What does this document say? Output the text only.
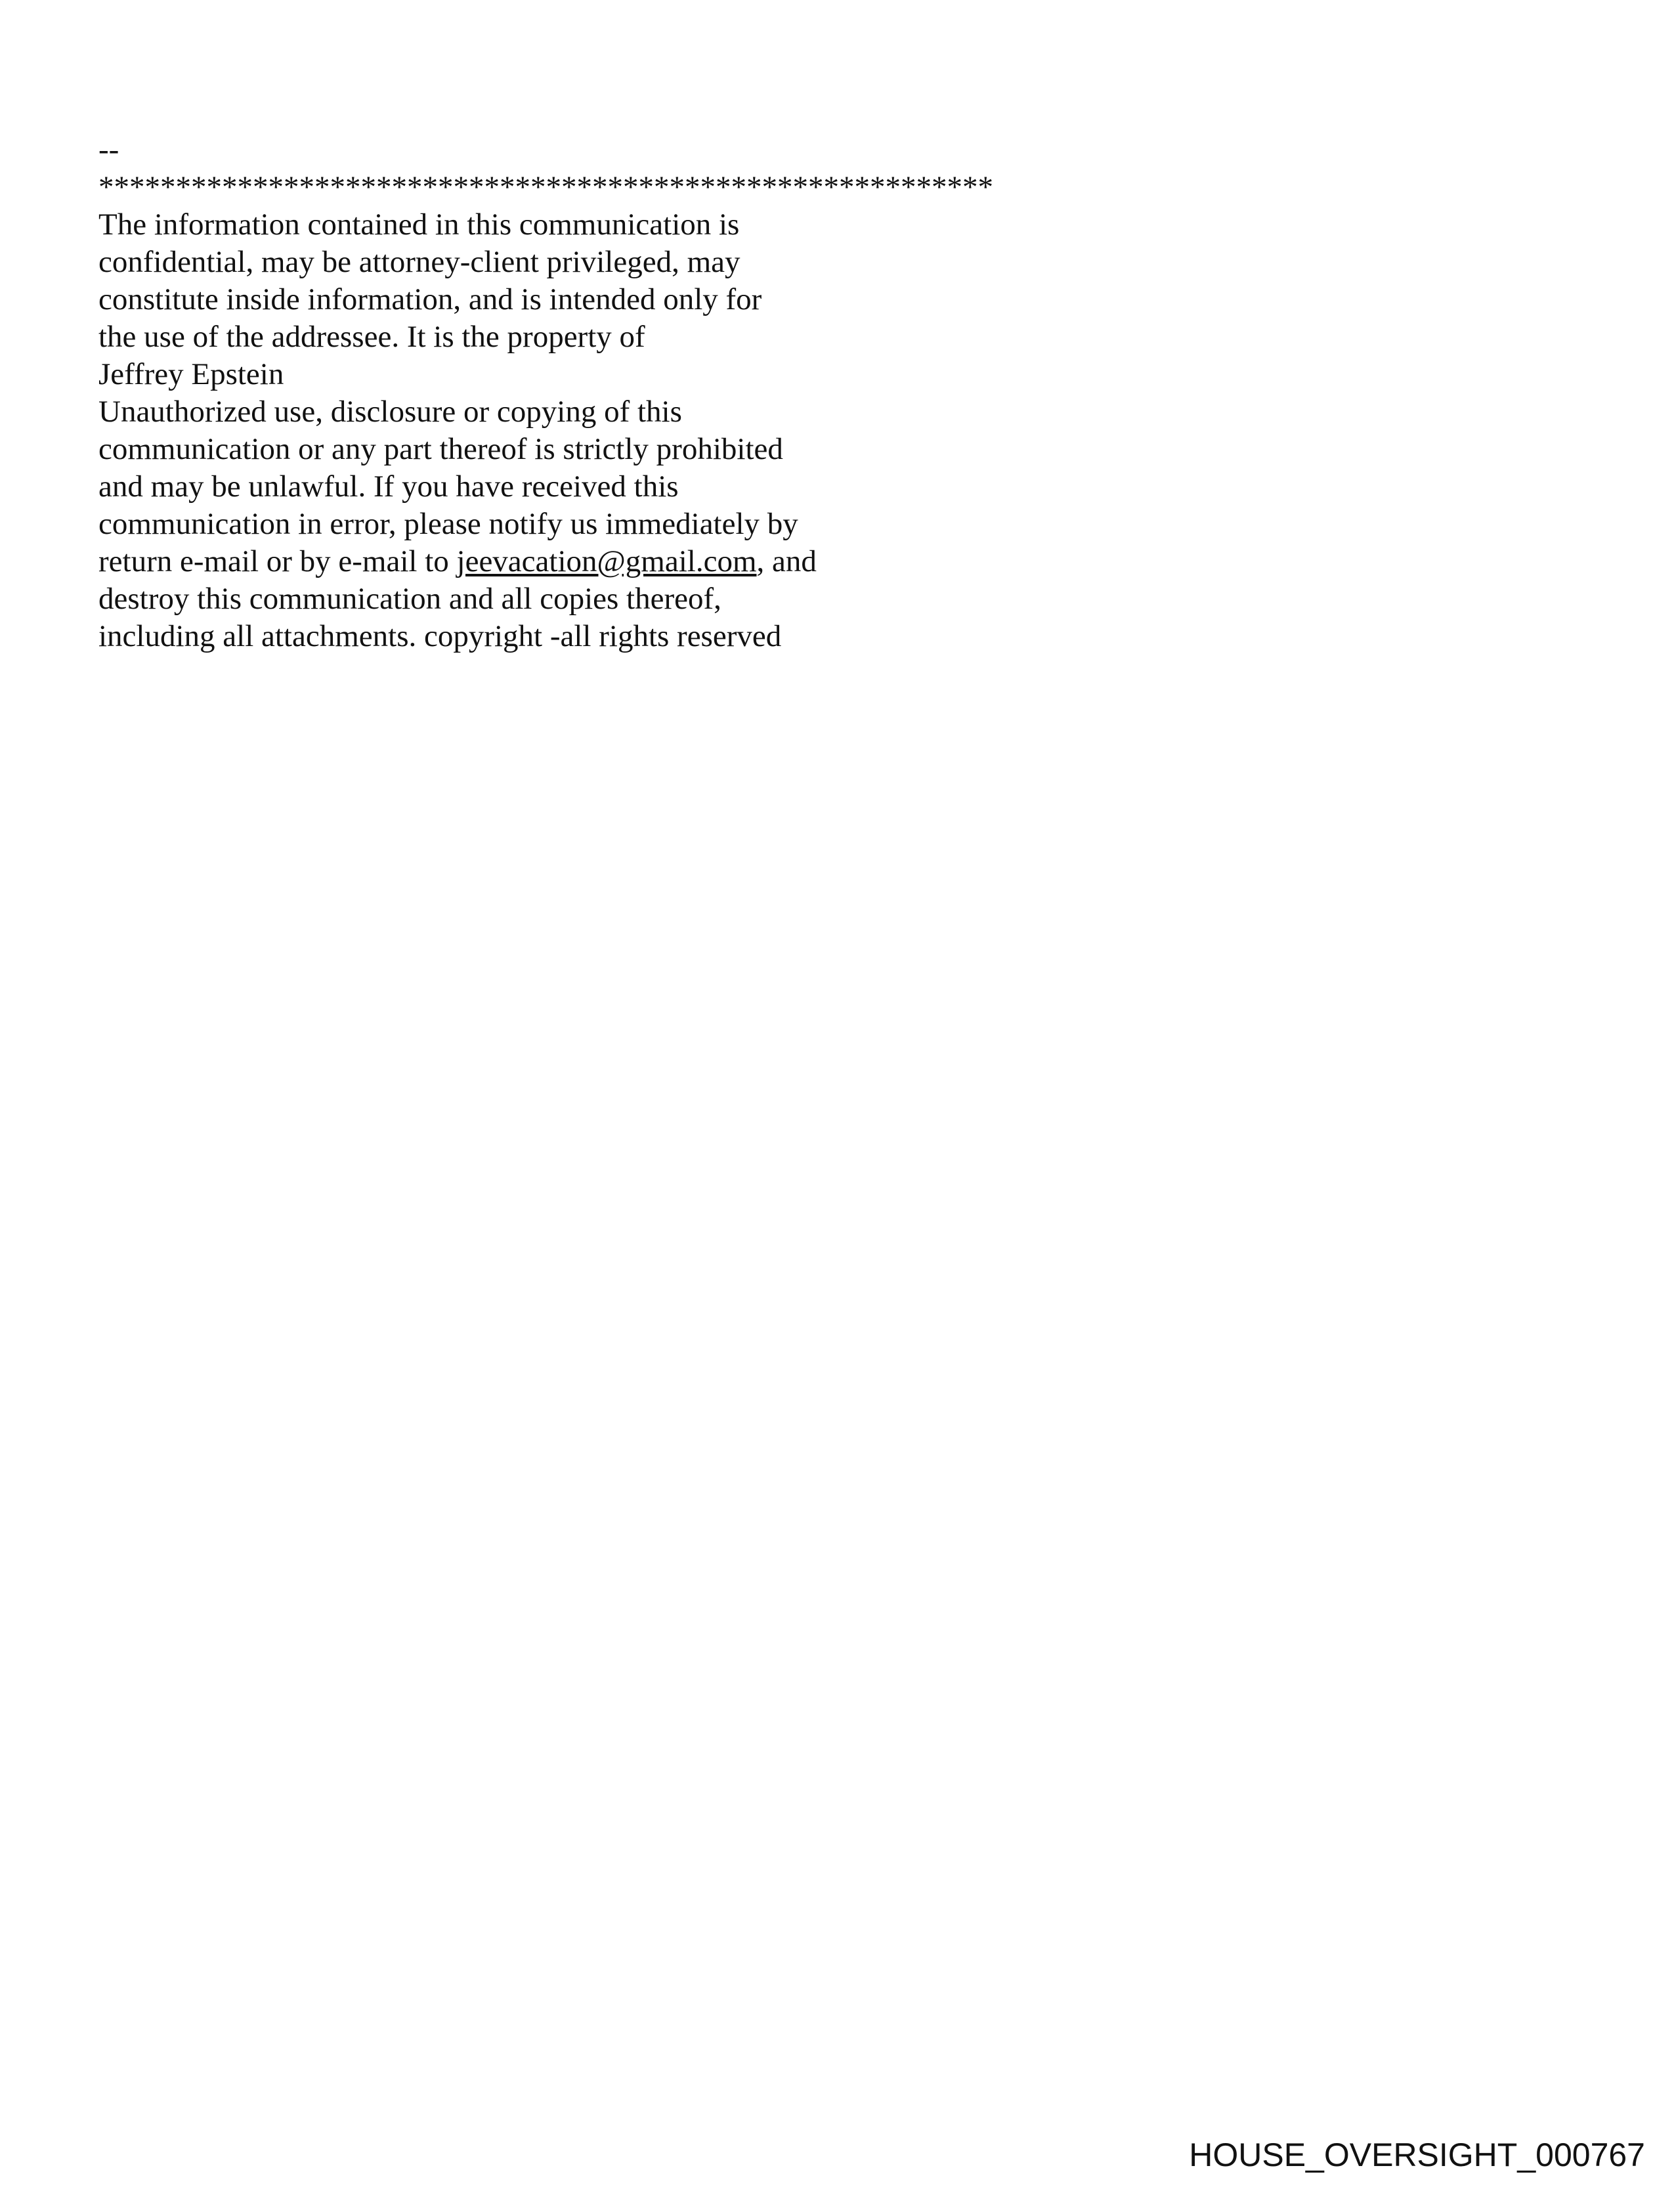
--
**********************************************************
The information contained in this communication is
confidential, may be attorney-client privileged, may
constitute inside information, and is intended only for
the use of the addressee. It is the property of
Jeffrey Epstein
Unauthorized use, disclosure or copying of this
communication or any part thereof is strictly prohibited
and may be unlawful. If you have received this
communication in error, please notify us immediately by
return e-mail or by e-mail to jeevacation@gmail.com, and
destroy this communication and all copies thereof,
including all attachments. copyright -all rights reserved
HOUSE_OVERSIGHT_000767
